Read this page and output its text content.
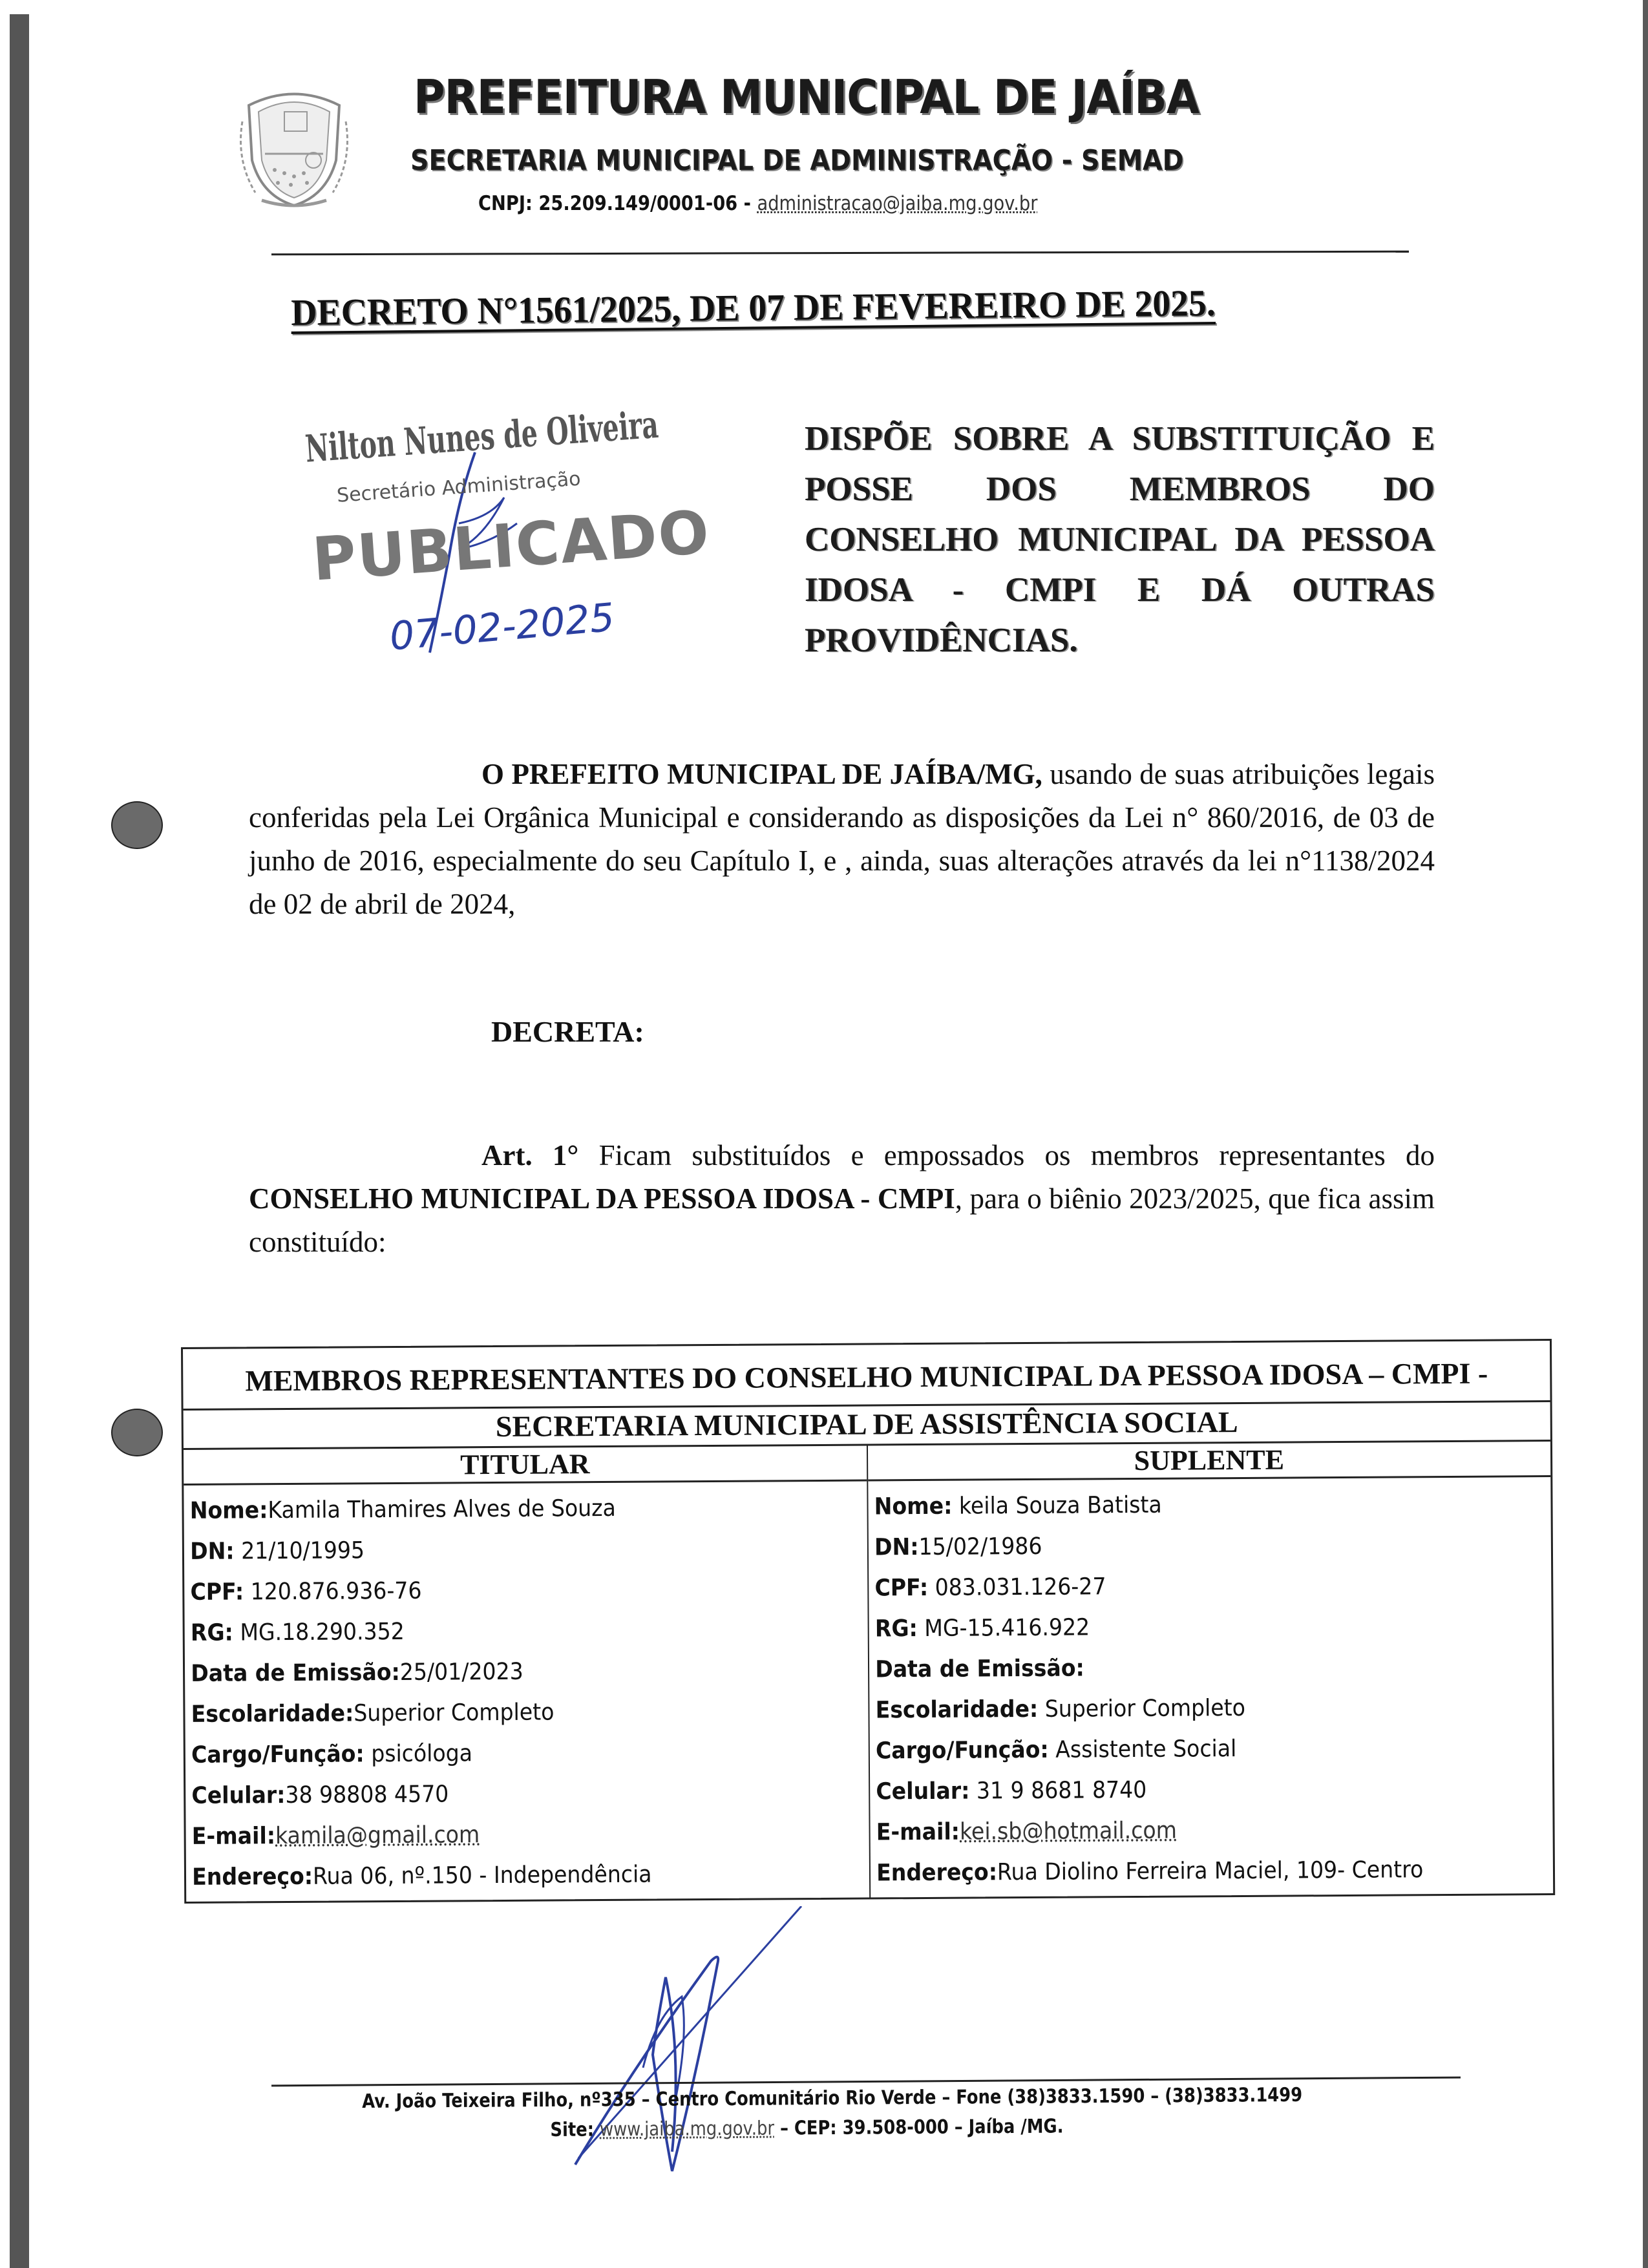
PREFEITURA MUNICIPAL DE JAÍBA
SECRETARIA MUNICIPAL DE ADMINISTRAÇÃO - SEMAD
CNPJ: 25.209.149/0001-06 - administracao@jaiba.mg.gov.br
DECRETO N°1561/2025, DE 07 DE FEVEREIRO DE 2025.
Nilton Nunes de Oliveira
Secretário Administração
PUBLICADO
07-02-2025
DISPÕE SOBRE A SUBSTITUIÇÃO E POSSE DOS MEMBROS DO CONSELHO MUNICIPAL DA PESSOA IDOSA - CMPI E DÁ OUTRAS PROVIDÊNCIAS.
O PREFEITO MUNICIPAL DE JAÍBA/MG, usando de suas atribuições legais conferidas pela Lei Orgânica Municipal e considerando as disposições da Lei n° 860/2016, de 03 de junho de 2016, especialmente do seu Capítulo I, e , ainda, suas alterações através da lei n°1138/2024 de 02 de abril de 2024,
DECRETA:
Art. 1° Ficam substituídos e empossados os membros representantes do CONSELHO MUNICIPAL DA PESSOA IDOSA - CMPI, para o biênio 2023/2025, que fica assim constituído:
MEMBROS REPRESENTANTES DO CONSELHO MUNICIPAL DA PESSOA IDOSA – CMPI -
SECRETARIA MUNICIPAL DE ASSISTÊNCIA SOCIAL
TITULAR
Nome:Kamila Thamires Alves de Souza
DN: 21/10/1995
CPF: 120.876.936-76
RG: MG.18.290.352
Data de Emissão:25/01/2023
Escolaridade:Superior Completo
Cargo/Função: psicóloga
Celular:38 98808 4570
E-mail:kamila@gmail.com
Endereço:Rua 06, nº.150 - Independência
SUPLENTE
Nome: keila Souza Batista
DN:15/02/1986
CPF: 083.031.126-27
RG: MG-15.416.922
Data de Emissão:
Escolaridade: Superior Completo
Cargo/Função: Assistente Social
Celular: 31 9 8681 8740
E-mail:kei.sb@hotmail.com
Endereço:Rua Diolino Ferreira Maciel, 109- Centro
Av. João Teixeira Filho, nº335 – Centro Comunitário Rio Verde – Fone (38)3833.1590 – (38)3833.1499
Site: www.jaiba.mg.gov.br – CEP: 39.508-000 – Jaíba /MG.
